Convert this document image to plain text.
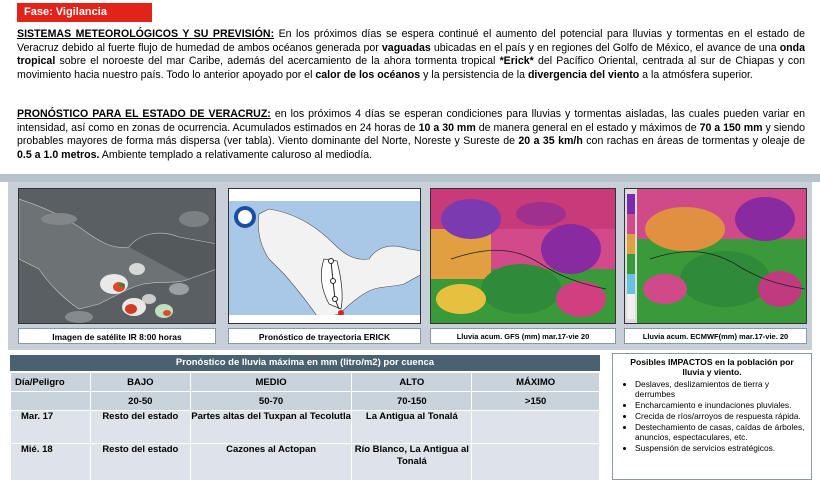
Fase: Vigilancia
SISTEMAS METEOROLÓGICOS Y SU PREVISIÓN: En los próximos días se espera continué el aumento del potencial para lluvias y tormentas en el estado de Veracruz debido al fuerte flujo de humedad de ambos océanos generada por vaguadas ubicadas en el país y en regiones del Golfo de México, el avance de una onda tropical sobre el noroeste del mar Caribe, además del acercamiento de la ahora tormenta tropical *Erick* del Pacífico Oriental, centrada al sur de Chiapas y con movimiento hacia nuestro país. Todo lo anterior apoyado por el calor de los océanos y la persistencia de la divergencia del viento a la atmósfera superior.
PRONÓSTICO PARA EL ESTADO DE VERACRUZ: en los próximos 4 días se esperan condiciones para lluvias y tormentas aisladas, las cuales pueden variar en intensidad, así como en zonas de ocurrencia. Acumulados estimados en 24 horas de 10 a 30 mm de manera general en el estado y máximos de 70 a 150 mm y siendo probables mayores de forma más dispersa (ver tabla). Viento dominante del Norte, Noreste y Sureste de 20 a 35 km/h con rachas en áreas de tormentas y oleaje de 0.5 a 1.0 metros. Ambiente templado a relativamente caluroso al mediodía.
Imagen de satélite IR 8:00 horas	Pronóstico de trayectoria ERICK	Lluvia acum. GFS (mm) mar.17-vie 20	Lluvia acum. ECMWF(mm) mar.17-vie. 20
Pronóstico de lluvia máxima en mm (litro/m2) por cuenca
Día/Peligro	BAJO	MEDIO	ALTO	MÁXIMO
	20-50	50-70	70-150	>150
Mar. 17	Resto del estado	Partes altas del Tuxpan al Tecolutla	La Antigua al Tonalá	
Mié. 18	Resto del estado	Cazones al Actopan	Río Blanco, La Antigua al Tonalá	
Posibles IMPACTOS en la población por lluvia y viento.
• Deslaves, deslizamientos de tierra y derrumbes
• Encharcamiento e inundaciones pluviales.
• Crecida de ríos/arroyos de respuesta rápida.
• Destechamiento de casas, caídas de árboles, anuncios, espectaculares, etc.
• Suspensión de servicios estratégicos.
